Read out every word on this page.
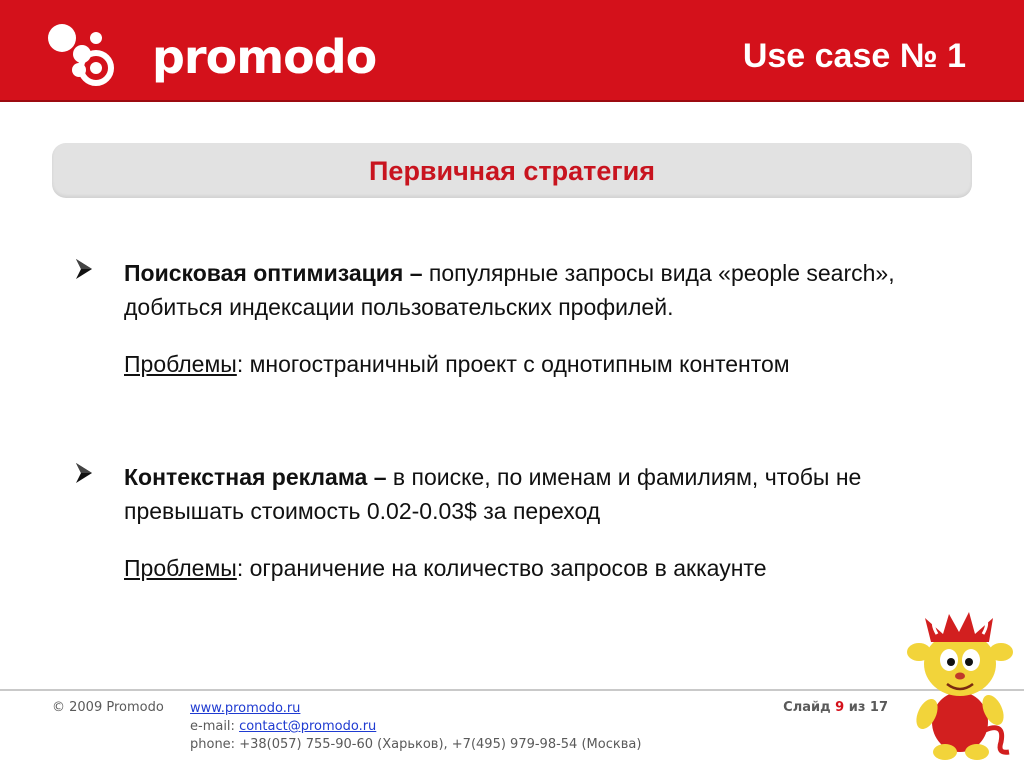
promodo	Use case № 1
Первичная стратегия
Поисковая оптимизация – популярные запросы вида «people search», добиться индексации пользовательских профилей.
Проблемы: многостраничный проект с однотипным контентом
Контекстная реклама – в поиске, по именам и фамилиям, чтобы не превышать стоимость 0.02-0.03$ за переход
Проблемы: ограничение на количество запросов в аккаунте
© 2009 Promodo www.promodo.ru
e-mail: contact@promodo.ru
phone: +38(057) 755-90-60 (Харьков), +7(495) 979-98-54 (Москва)
Слайд 9 из 17
